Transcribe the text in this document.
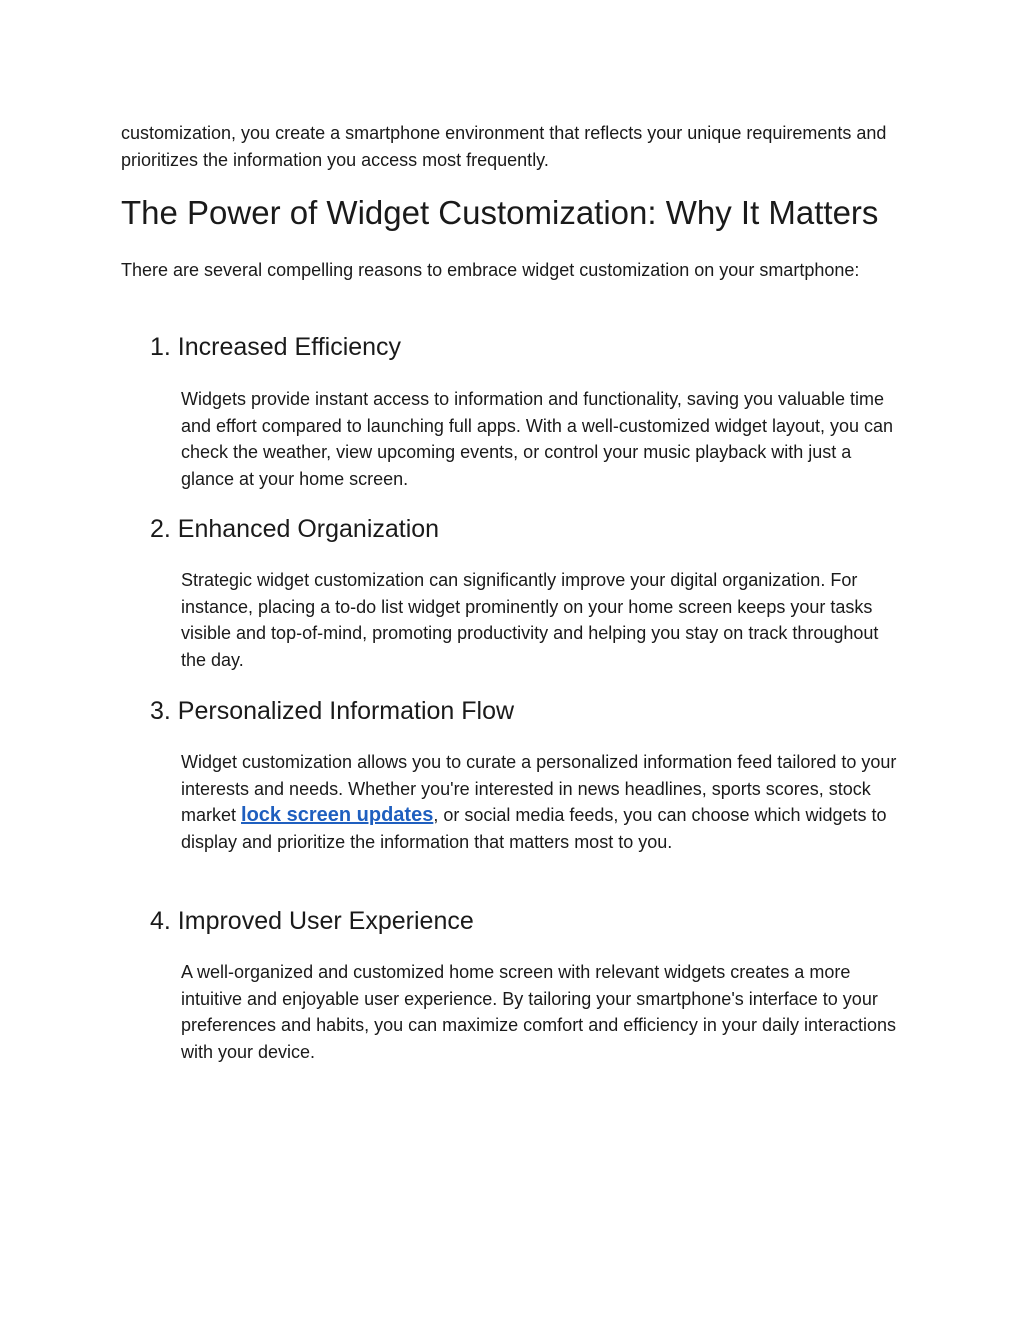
customization, you create a smartphone environment that reflects your unique requirements and prioritizes the information you access most frequently.

The Power of Widget Customization: Why It Matters

There are several compelling reasons to embrace widget customization on your smartphone:

1. Increased Efficiency

Widgets provide instant access to information and functionality, saving you valuable time and effort compared to launching full apps. With a well-customized widget layout, you can check the weather, view upcoming events, or control your music playback with just a glance at your home screen.

2. Enhanced Organization

Strategic widget customization can significantly improve your digital organization. For instance, placing a to-do list widget prominently on your home screen keeps your tasks visible and top-of-mind, promoting productivity and helping you stay on track throughout the day.

3. Personalized Information Flow

Widget customization allows you to curate a personalized information feed tailored to your interests and needs. Whether you're interested in news headlines, sports scores, stock market lock screen updates, or social media feeds, you can choose which widgets to display and prioritize the information that matters most to you.

4. Improved User Experience

A well-organized and customized home screen with relevant widgets creates a more intuitive and enjoyable user experience. By tailoring your smartphone's interface to your preferences and habits, you can maximize comfort and efficiency in your daily interactions with your device.
